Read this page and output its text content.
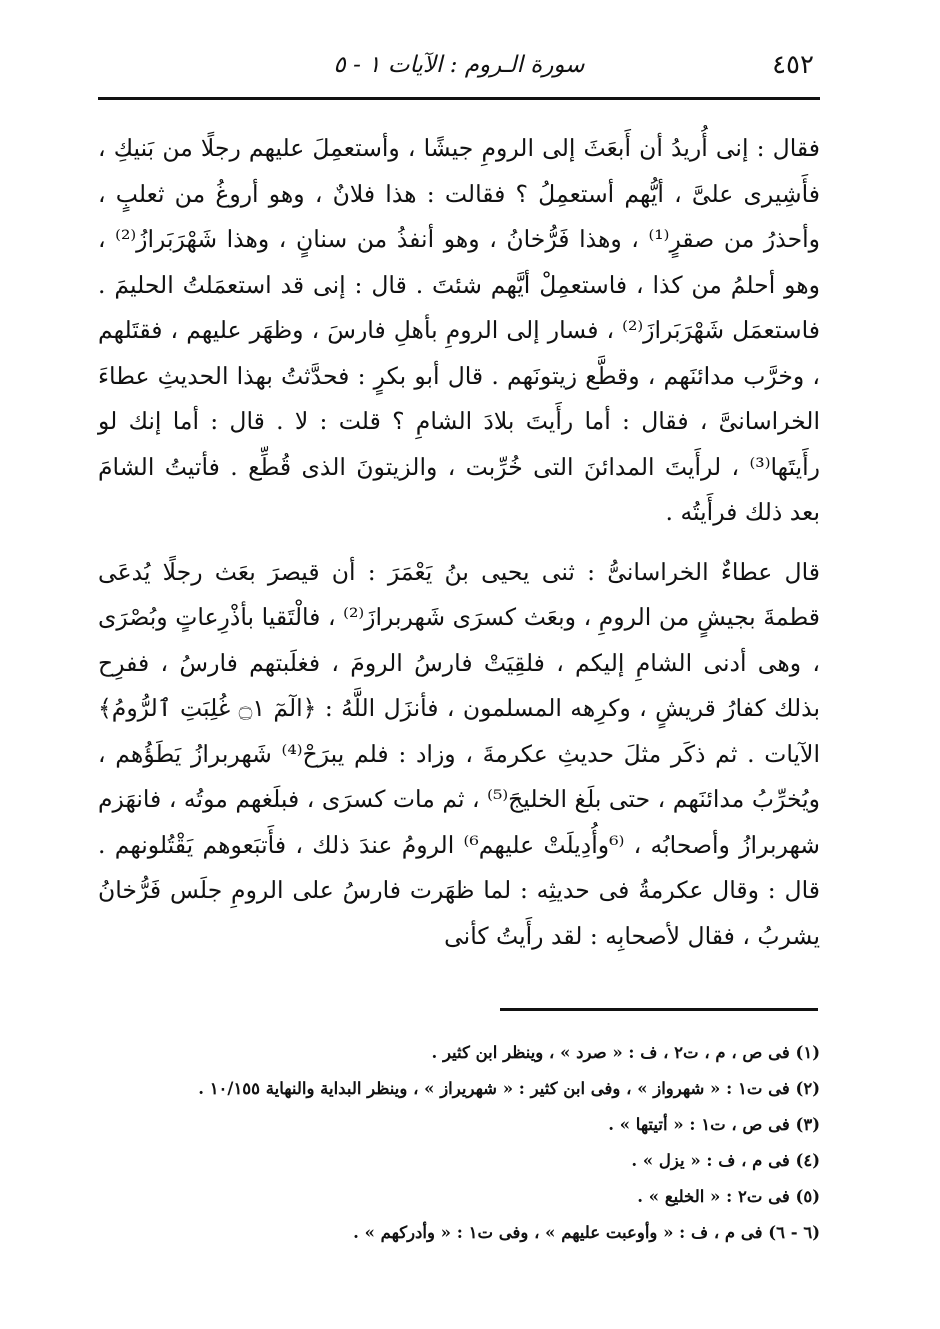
٤٥٢
سورة الـروم : الآيات ١ - ٥

فقال : إنى أُريدُ أن أَبعَثَ إلى الرومِ جيشًا ، وأستعمِلَ عليهم رجلًا من بَنيكِ ، فأَشِيرى علىَّ ، أيُّهم أستعمِلُ ؟ فقالت : هذا فلانٌ ، وهو أروغُ من ثعلبٍ ، وأحذرُ من صقرٍ⁽¹⁾ ، وهذا فَرُّخانُ ، وهو أنفذُ من سنانٍ ، وهذا شَهْرَبَرازُ⁽²⁾ ، وهو أحلمُ من كذا ، فاستعمِلْ أيَّهم شئتَ . قال : إنى قد استعمَلتُ الحليمَ . فاستعمَل شَهْرَبَرازَ⁽²⁾ ، فسار إلى الرومِ بأهلِ فارسَ ، وظهَر عليهم ، فقتَلهم ، وخرَّب مدائنَهم ، وقطَّع زيتونَهم . قال أبو بكرٍ : فحدَّثتُ بهذا الحديثِ عطاءَ الخراسانىَّ ، فقال : أما رأَيتَ بلادَ الشامِ ؟ قلت : لا . قال : أما إنك لو رأَيتَها⁽³⁾ ، لرأَيتَ المدائنَ التى خُرِّبت ، والزيتونَ الذى قُطِّع . فأتيتُ الشامَ بعد ذلك فرأَيتُه .

قال عطاءٌ الخراسانىُّ : ثنى يحيى بنُ يَعْمَرَ : أن قيصرَ بعَث رجلًا يُدعَى قطمةَ بجيشٍ من الرومِ ، وبعَث كسرَى شَهربرازَ⁽²⁾ ، فالْتَقيا بأذْرِعاتٍ وبُصْرَى ، وهى أدنى الشامِ إليكم ، فلقِيَتْ فارسُ الرومَ ، فغلَبتهم فارسُ ، ففرِح بذلك كفارُ قريشٍ ، وكرِهه المسلمون ، فأنزَل اللَّهُ : ﴿الٓمٓ ۝١ غُلِبَتِ ٱلرُّومُ﴾ الآيات . ثم ذكَر مثلَ حديثِ عكرمةَ ، وزاد : فلم يبرَحْ⁽⁴⁾ شَهربرازُ يَطَؤُهم ، ويُخرِّبُ مدائنَهم ، حتى بلَغ الخليجَ⁽⁵⁾ ، ثم مات كسرَى ، فبلَغهم موتُه ، فانهَزم شهربرازُ وأصحابُه ، ⁽⁶وأُدِيلَتْ عليهم⁶⁾ الرومُ عندَ ذلك ، فأَتبَعوهم يَقْتُلونهم . قال : وقال عكرمةُ فى حديثِه : لما ظهَرت فارسُ على الرومِ جلَس فَرُّخانُ يشربُ ، فقال لأصحابِه : لقد رأَيتُ كأنى

(١) فى ص ، م ، ت٢ ، ف : « صرد » ، وينظر ابن كثير .

(٢) فى ت١ : « شهرواز » ، وفى ابن كثير : « شهريراز » ، وينظر البداية والنهاية ١٠/١٥٥ .

(٣) فى ص ، ت١ : « أتيتها » .

(٤) فى م ، ف : « يزل » .

(٥) فى ت٢ : « الخليع » .

(٦ - ٦) فى م ، ف : « وأوعبت عليهم » ، وفى ت١ : « وأدركهم » .
